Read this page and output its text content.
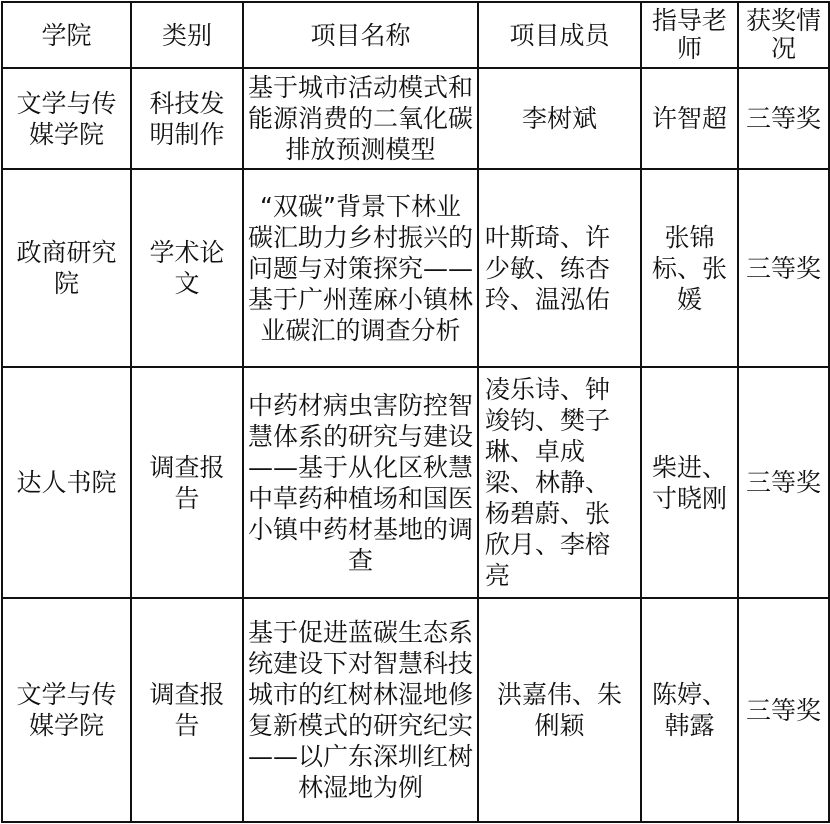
学院	类别	项目名称	项目成员	指导老师	获奖情况
文学与传媒学院	科技发明制作	基于城市活动模式和能源消费的二氧化碳排放预测模型	李树斌	许智超	三等奖
政商研究院	学术论文	“双碳”背景下林业碳汇助力乡村振兴的问题与对策探究——基于广州莲麻小镇林业碳汇的调查分析	叶斯琦、许少敏、练杏玲、温泓佑	张锦标、张媛	三等奖
达人书院	调查报告	中药材病虫害防控智慧体系的研究与建设——基于从化区秋慧中草药种植场和国医小镇中药材基地的调查	凌乐诗、钟竣钧、樊子琳、卓成梁、林静、杨碧蔚、张欣月、李榕亮	柴进、寸晓刚	三等奖
文学与传媒学院	调查报告	基于促进蓝碳生态系统建设下对智慧科技城市的红树林湿地修复新模式的研究纪实——以广东深圳红树林湿地为例	洪嘉伟、朱俐颖	陈婷、韩露	三等奖
